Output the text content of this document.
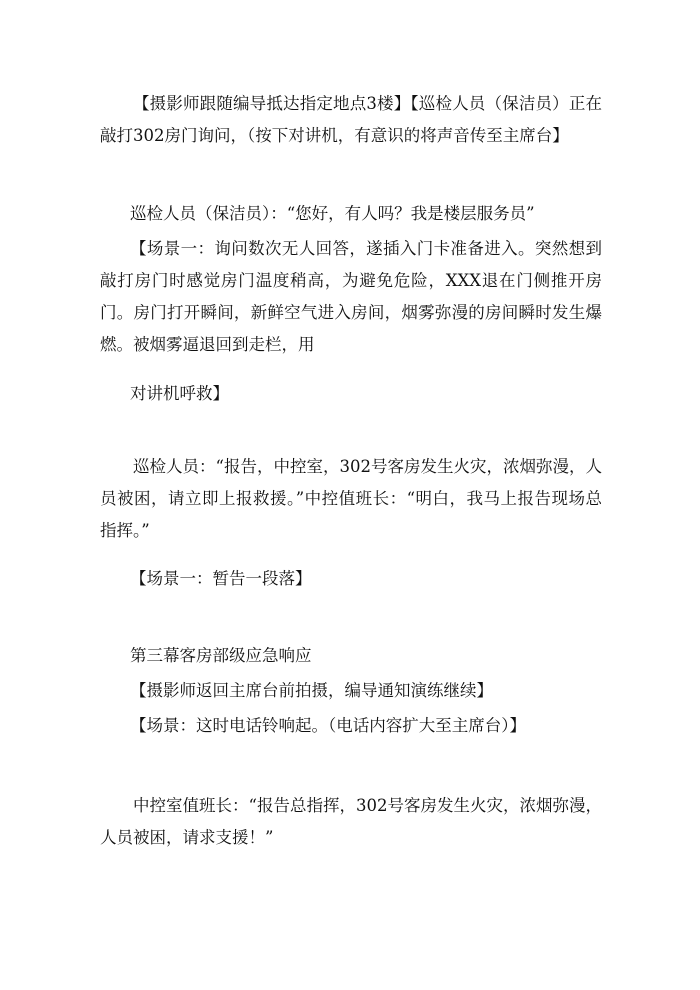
【摄影师跟随编导抵达指定地点3楼】【巡检人员（保洁员）正在敲打302房门询问，（按下对讲机，有意识的将声音传至主席台】

巡检人员（保洁员）：“您好，有人吗？我是楼层服务员”

【场景一：询问数次无人回答，遂插入门卡准备进入。突然想到敲打房门时感觉房门温度稍高，为避免危险，XXX退在门侧推开房门。房门打开瞬间，新鲜空气进入房间，烟雾弥漫的房间瞬时发生爆燃。被烟雾逼退回到走栏，用

对讲机呼救】

巡检人员：“报告，中控室，302号客房发生火灾，浓烟弥漫，人员被困，请立即上报救援。”中控值班长：“明白，我马上报告现场总指挥。”

【场景一：暂告一段落】

第三幕客房部级应急响应

【摄影师返回主席台前拍摄，编导通知演练继续】

【场景：这时电话铃响起。（电话内容扩大至主席台）】

中控室值班长：“报告总指挥，302号客房发生火灾，浓烟弥漫，人员被困，请求支援！”
